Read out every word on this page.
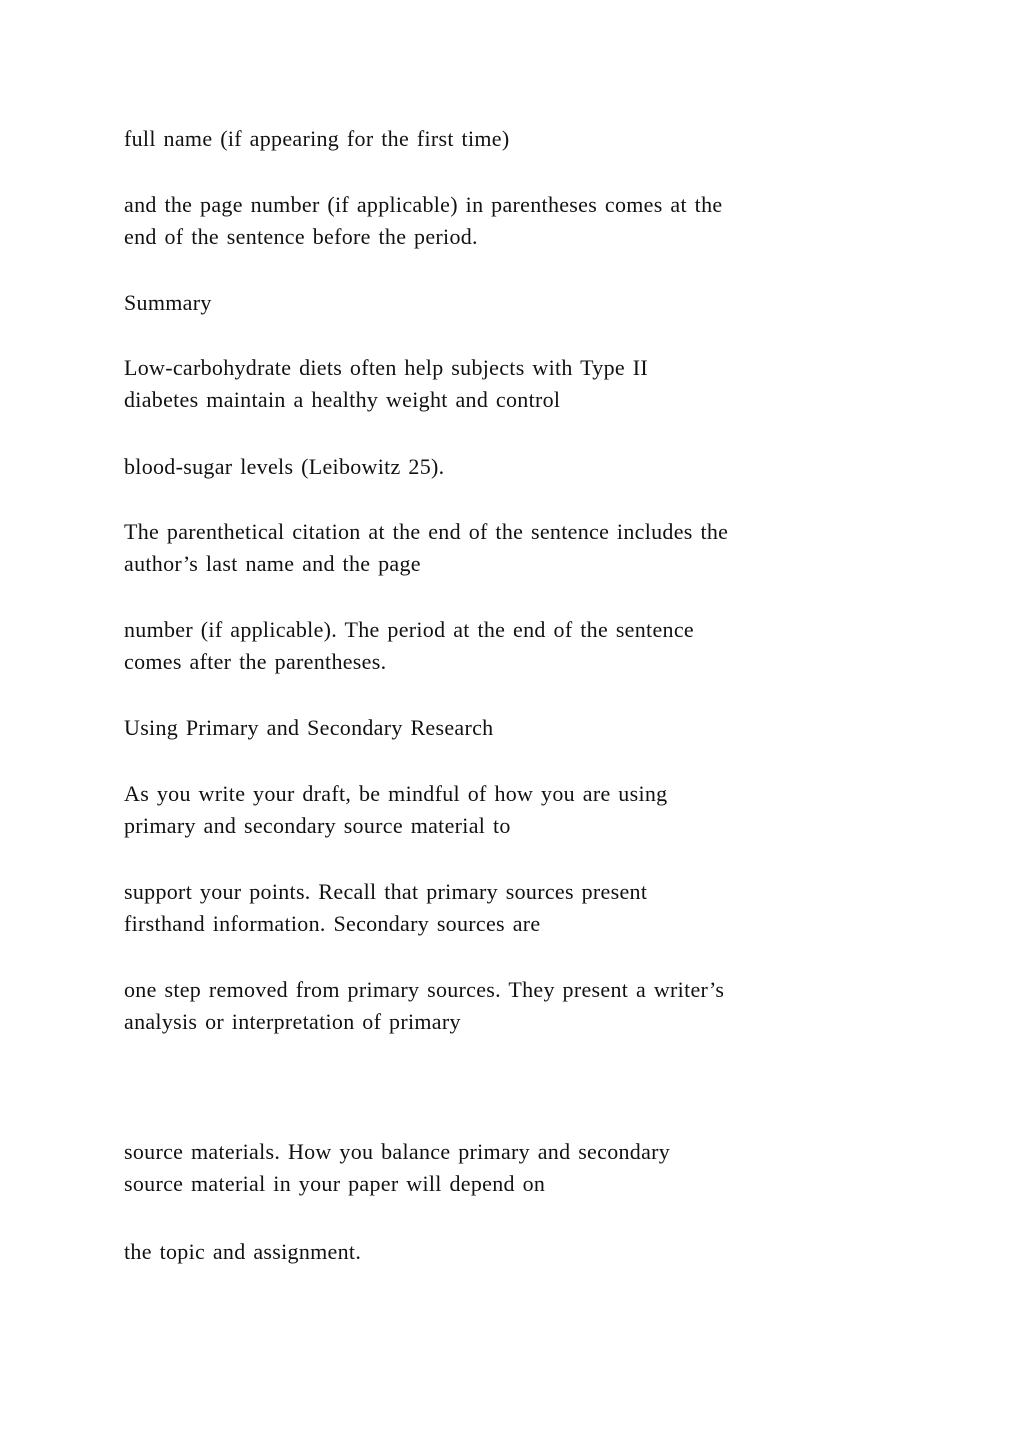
full name (if appearing for the first time)
and the page number (if applicable) in parentheses comes at the
end of the sentence before the period.
Summary
Low-carbohydrate diets often help subjects with Type II
diabetes maintain a healthy weight and control
blood-sugar levels (Leibowitz 25).
The parenthetical citation at the end of the sentence includes the
author’s last name and the page
number (if applicable). The period at the end of the sentence
comes after the parentheses.
Using Primary and Secondary Research
As you write your draft, be mindful of how you are using
primary and secondary source material to
support your points. Recall that primary sources present
firsthand information. Secondary sources are
one step removed from primary sources. They present a writer’s
analysis or interpretation of primary
source materials. How you balance primary and secondary
source material in your paper will depend on
the topic and assignment.
